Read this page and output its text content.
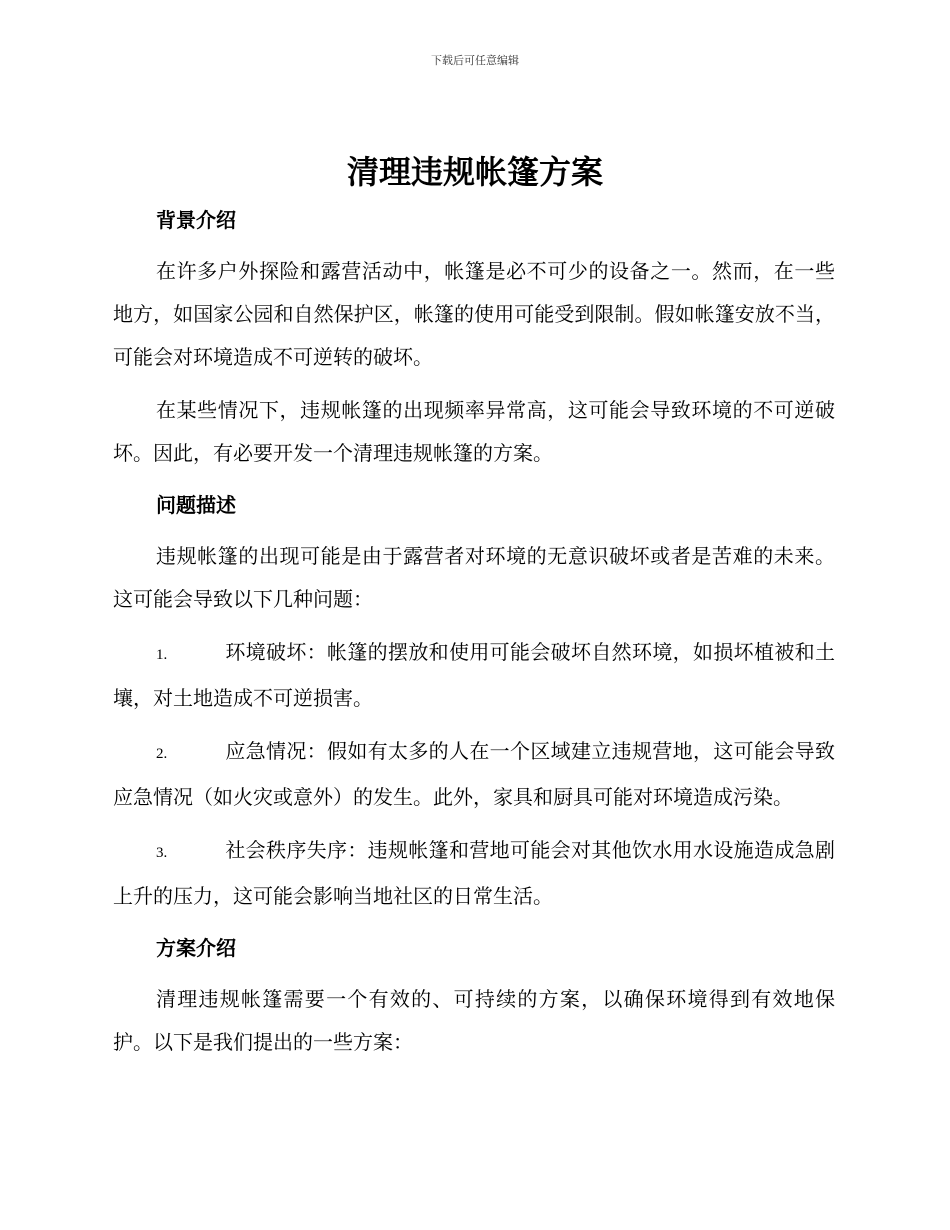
下载后可任意编辑
清理违规帐篷方案
背景介绍

在许多户外探险和露营活动中，帐篷是必不可少的设备之一。然而，在一些地方，如国家公园和自然保护区，帐篷的使用可能受到限制。假如帐篷安放不当，可能会对环境造成不可逆转的破坏。

在某些情况下，违规帐篷的出现频率异常高，这可能会导致环境的不可逆破坏。因此，有必要开发一个清理违规帐篷的方案。

问题描述

违规帐篷的出现可能是由于露营者对环境的无意识破坏或者是苦难的未来。这可能会导致以下几种问题：

1.	环境破坏：帐篷的摆放和使用可能会破坏自然环境，如损坏植被和土壤，对土地造成不可逆损害。

2.	应急情况：假如有太多的人在一个区域建立违规营地，这可能会导致应急情况（如火灾或意外）的发生。此外，家具和厨具可能对环境造成污染。

3.	社会秩序失序：违规帐篷和营地可能会对其他饮水用水设施造成急剧上升的压力，这可能会影响当地社区的日常生活。

方案介绍

清理违规帐篷需要一个有效的、可持续的方案，以确保环境得到有效地保护。以下是我们提出的一些方案：
